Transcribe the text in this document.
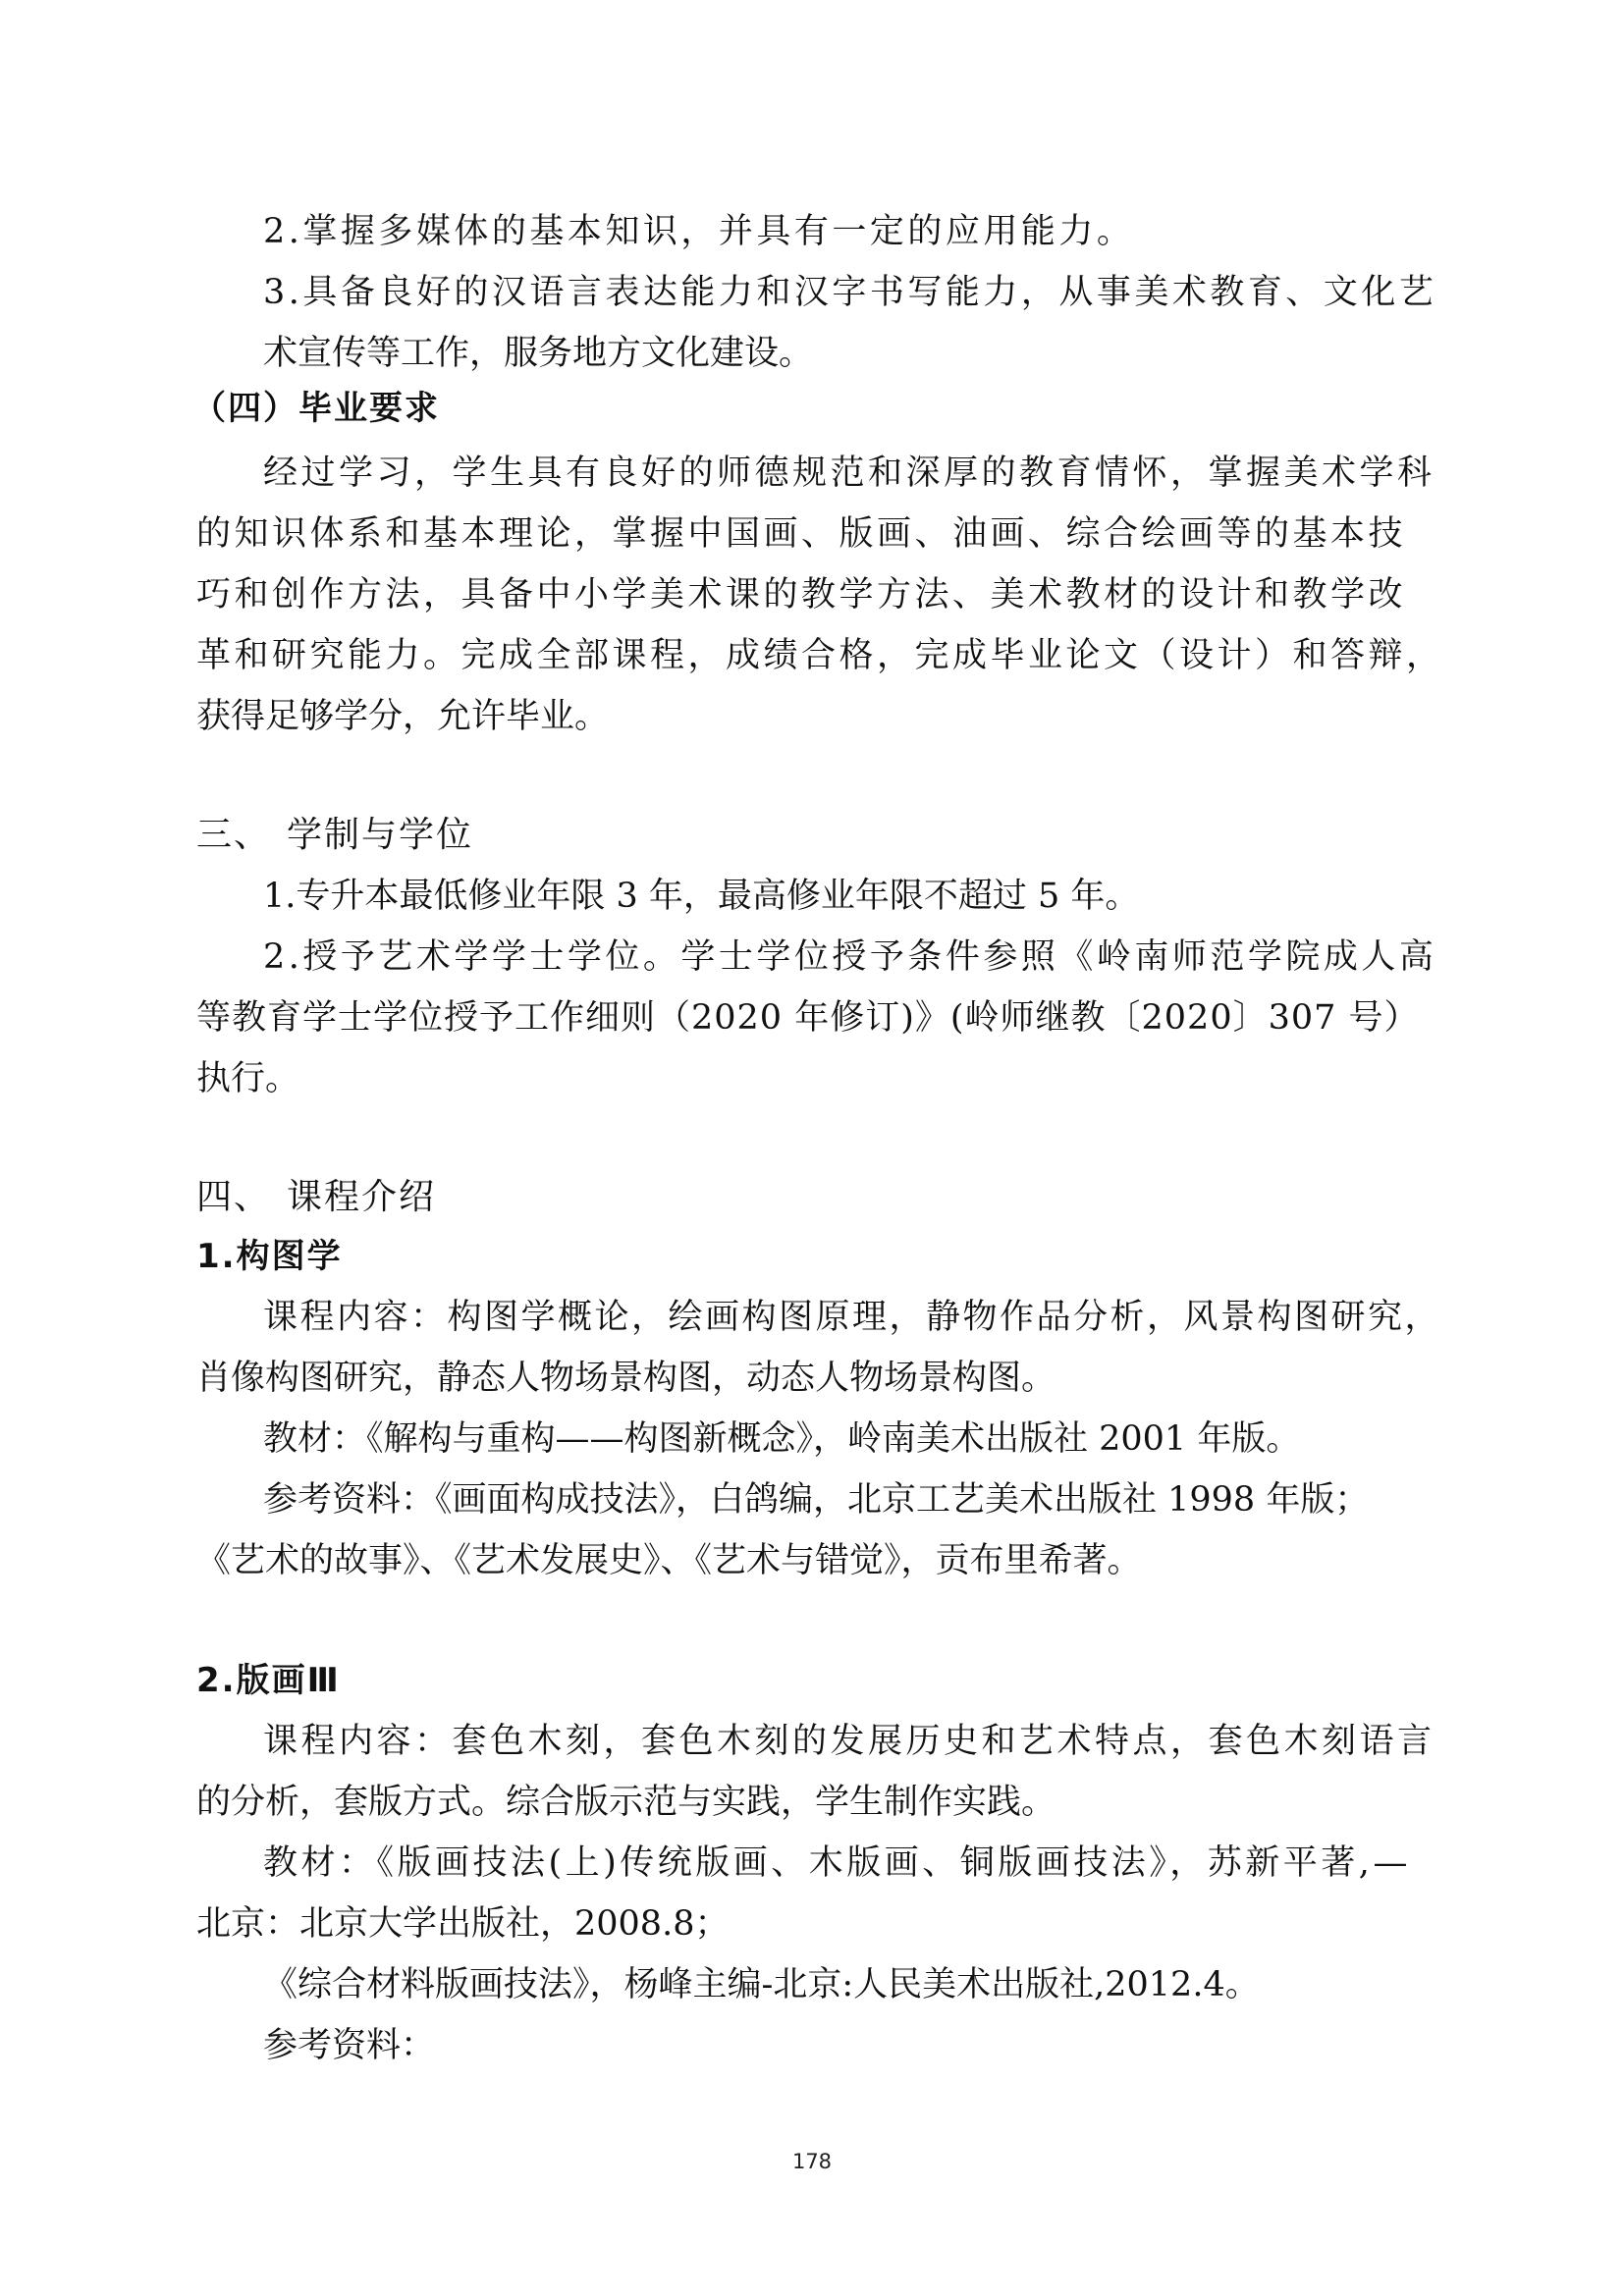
2.掌握多媒体的基本知识，并具有一定的应用能力。
3.具备良好的汉语言表达能力和汉字书写能力，从事美术教育、文化艺
术宣传等工作，服务地方文化建设。
（四）毕业要求
经过学习，学生具有良好的师德规范和深厚的教育情怀，掌握美术学科
的知识体系和基本理论，掌握中国画、版画、油画、综合绘画等的基本技
巧和创作方法，具备中小学美术课的教学方法、美术教材的设计和教学改
革和研究能力。完成全部课程，成绩合格，完成毕业论文（设计）和答辩，
获得足够学分，允许毕业。
三、 学制与学位
1.专升本最低修业年限 3 年，最高修业年限不超过 5 年。
2.授予艺术学学士学位。学士学位授予条件参照《岭南师范学院成人高
等教育学士学位授予工作细则（2020 年修订)》(岭师继教〔2020〕307 号）
执行。
四、 课程介绍
1.构图学
课程内容：构图学概论，绘画构图原理，静物作品分析，风景构图研究，
肖像构图研究，静态人物场景构图，动态人物场景构图。
教材：《解构与重构——构图新概念》，岭南美术出版社 2001 年版。
参考资料：《画面构成技法》，白鸽编，北京工艺美术出版社 1998 年版；
《艺术的故事》、《艺术发展史》、《艺术与错觉》，贡布里希著。
2.版画Ⅲ
课程内容：套色木刻，套色木刻的发展历史和艺术特点，套色木刻语言
的分析，套版方式。综合版示范与实践，学生制作实践。
教材：《版画技法(上)传统版画、木版画、铜版画技法》，苏新平著,—
北京：北京大学出版社，2008.8；
《综合材料版画技法》，杨峰主编-北京:人民美术出版社,2012.4。
参考资料：
178
